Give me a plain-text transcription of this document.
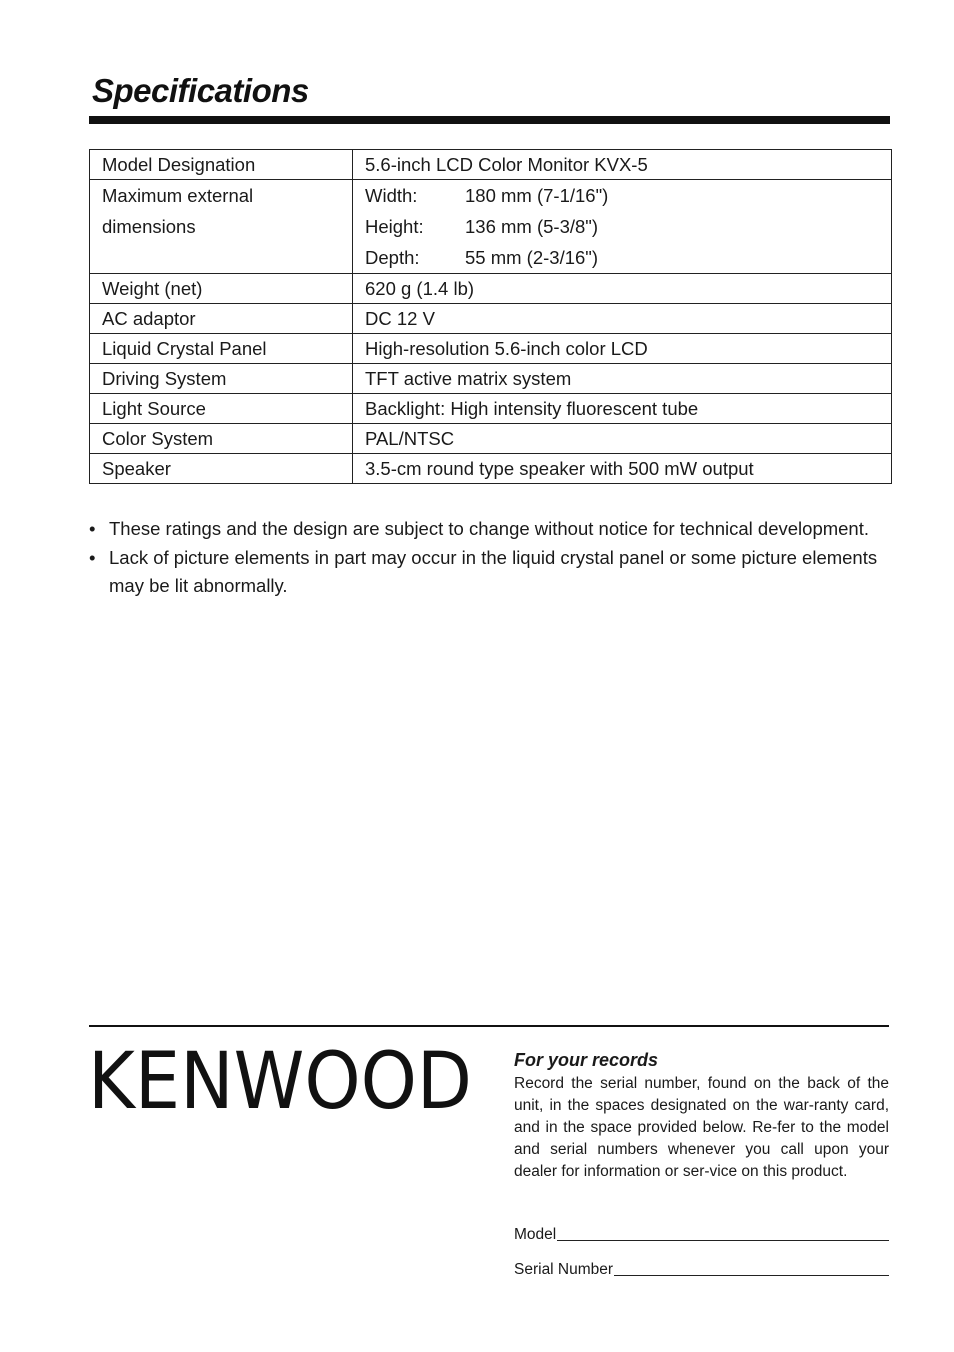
Specifications
Model Designation	5.6-inch LCD Color Monitor KVX-5

Maximum external
dimensions	Width: 180 mm (7-1/16")
Height: 136 mm (5-3/8")
Depth: 55 mm (2-3/16")

Weight (net)	620 g (1.4 lb)
AC adaptor	DC 12 V
Liquid Crystal Panel	High-resolution 5.6-inch color LCD
Driving System	TFT active matrix system
Light Source	Backlight: High intensity fluorescent tube
Color System	PAL/NTSC
Speaker	3.5-cm round type speaker with 500 mW output
• These ratings and the design are subject to change without notice for technical development.
• Lack of picture elements in part may occur in the liquid crystal panel or some picture elements may be lit abnormally.
KENWOOD For your records

Record the serial number, found on the back of the unit, in the spaces designated on the war-ranty card, and in the space provided below. Re-fer to the model and serial numbers whenever you call upon your dealer for information or ser-vice on this product.

Model
Serial Number
